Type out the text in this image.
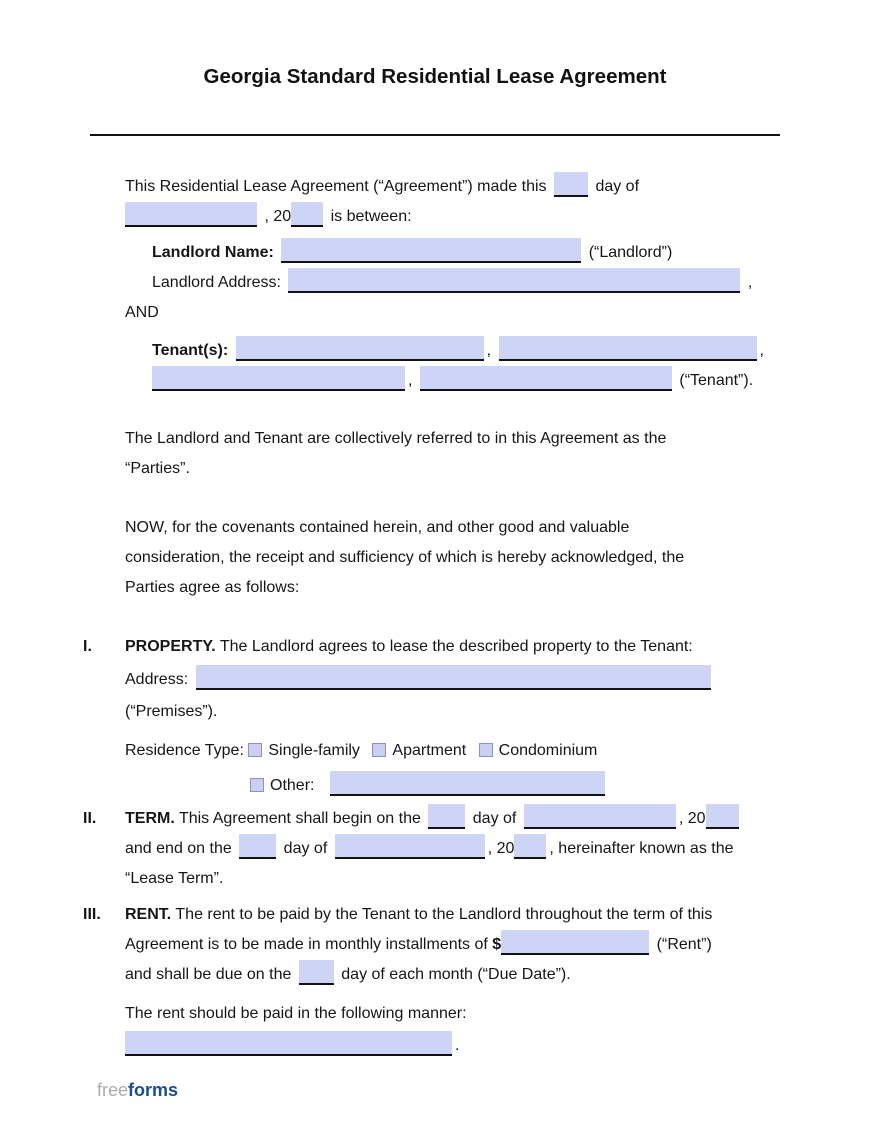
Georgia Standard Residential Lease Agreement
This Residential Lease Agreement (“Agreement”) made this	day of
, 20 is between:
Landlord Name:	(“Landlord”)
Landlord Address:	,
AND
Tenant(s):	,	,
,	(“Tenant”).
The Landlord and Tenant are collectively referred to in this Agreement as the
“Parties”.
NOW, for the covenants contained herein, and other good and valuable
consideration, the receipt and sufficiency of which is hereby acknowledged, the
Parties agree as follows:
I. PROPERTY. The Landlord agrees to lease the described property to the Tenant:
Address:
(“Premises”).
Residence Type: Single-family Apartment Condominium
Other:
II. TERM. This Agreement shall begin on the	day of	, 20
and end on the	day of	, 20 , hereinafter known as the
“Lease Term”.
III. RENT. The rent to be paid by the Tenant to the Landlord throughout the term of this
Agreement is to be made in monthly installments of $	(“Rent”)
and shall be due on the	day of each month (“Due Date”).
The rent should be paid in the following manner:
.
freeforms
